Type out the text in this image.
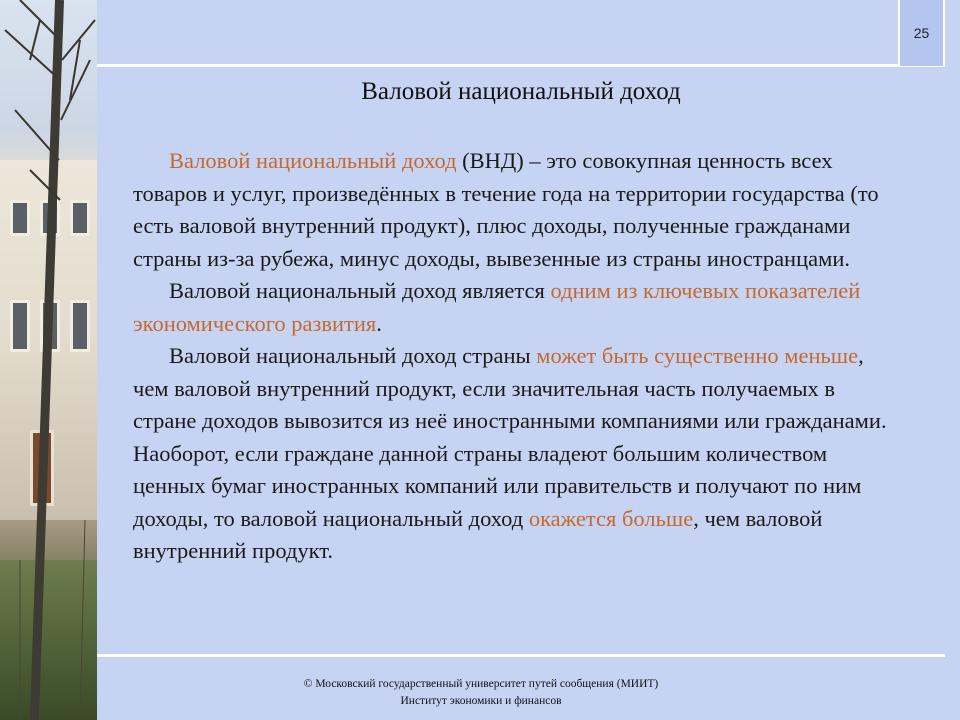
25
Валовой национальный доход

Валовой национальный доход (ВНД) – это совокупная ценность всех товаров и услуг, произведённых в течение года на территории государства (то есть валовой внутренний продукт), плюс доходы, полученные гражданами страны из-за рубежа, минус доходы, вывезенные из страны иностранцами.

Валовой национальный доход является одним из ключевых показателей экономического развития.

Валовой национальный доход страны может быть существенно меньше, чем валовой внутренний продукт, если значительная часть получаемых в стране доходов вывозится из неё иностранными компаниями или гражданами. Наоборот, если граждане данной страны владеют большим количеством ценных бумаг иностранных компаний или правительств и получают по ним доходы, то валовой национальный доход окажется больше, чем валовой внутренний продукт.

© Московский государственный университет путей сообщения (МИИТ)
Институт экономики и финансов
